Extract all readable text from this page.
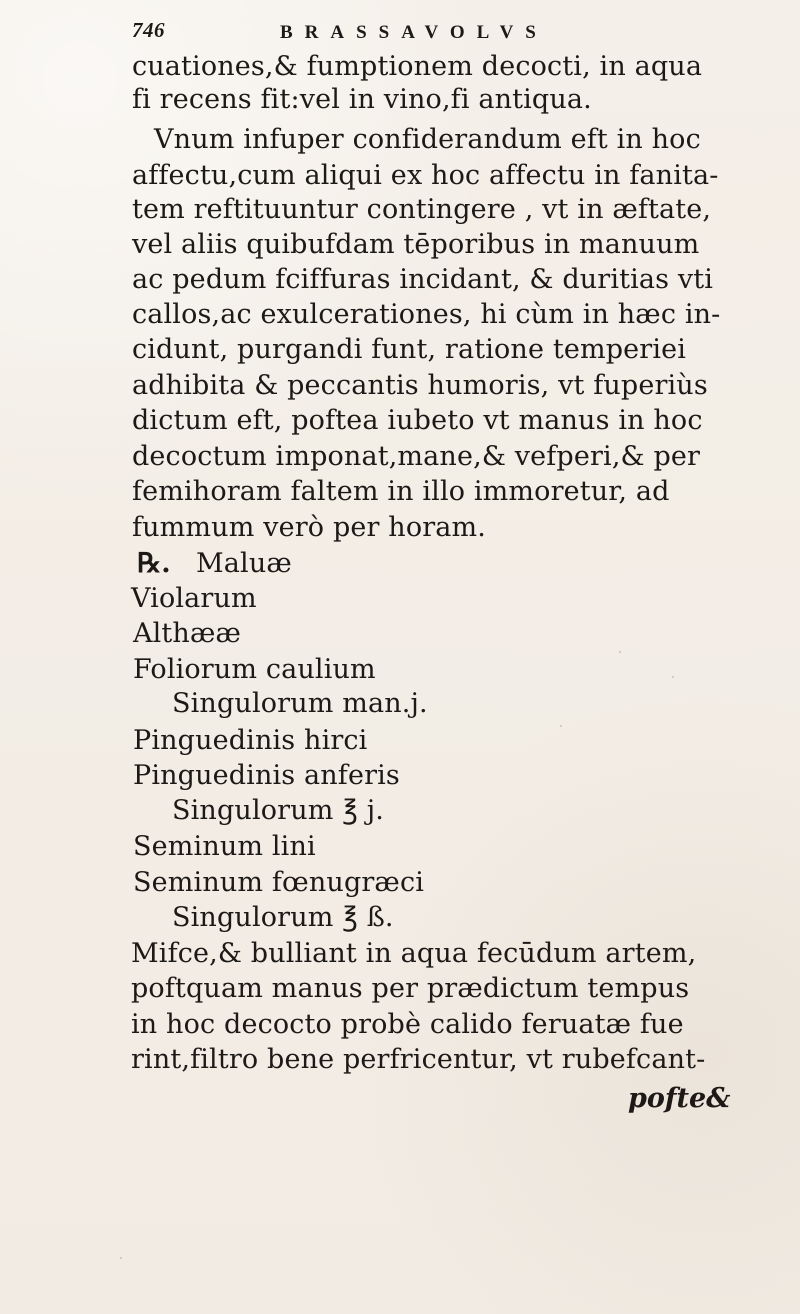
746	BRASSAVOLVS
cuationes,& fumptionem decocti, in aqua
fi recens fit:vel in vino,fi antiqua.
Vnum infuper confiderandum eft in hoc
affectu,cum aliqui ex hoc affectu in fanita-
tem reftituuntur contingere , vt in æftate,
vel aliis quibufdam tēporibus in manuum
ac pedum fciffuras incidant, & duritias vti
callos,ac exulcerationes, hi cùm in hæc in-
cidunt, purgandi funt, ratione temperiei
adhibita & peccantis humoris, vt fuperiùs
dictum eft, poftea iubeto vt manus in hoc
decoctum imponat,mane,& vefperi,& per
femihoram faltem in illo immoretur, ad
fummum verò per horam.
℞. Maluæ
Violarum
Althææ
Foliorum caulium
Singulorum man.j.
Pinguedinis hirci
Pinguedinis anferis
Singulorum ℥ j.
Seminum lini
Seminum fœnugræci
Singulorum ℥ ß.
Mifce,& bulliant in aqua fecūdum artem,
poftquam manus per prædictum tempus
in hoc decocto probè calido feruatæ fue
rint,filtro bene perfricentur, vt rubefcant-
pofte&
